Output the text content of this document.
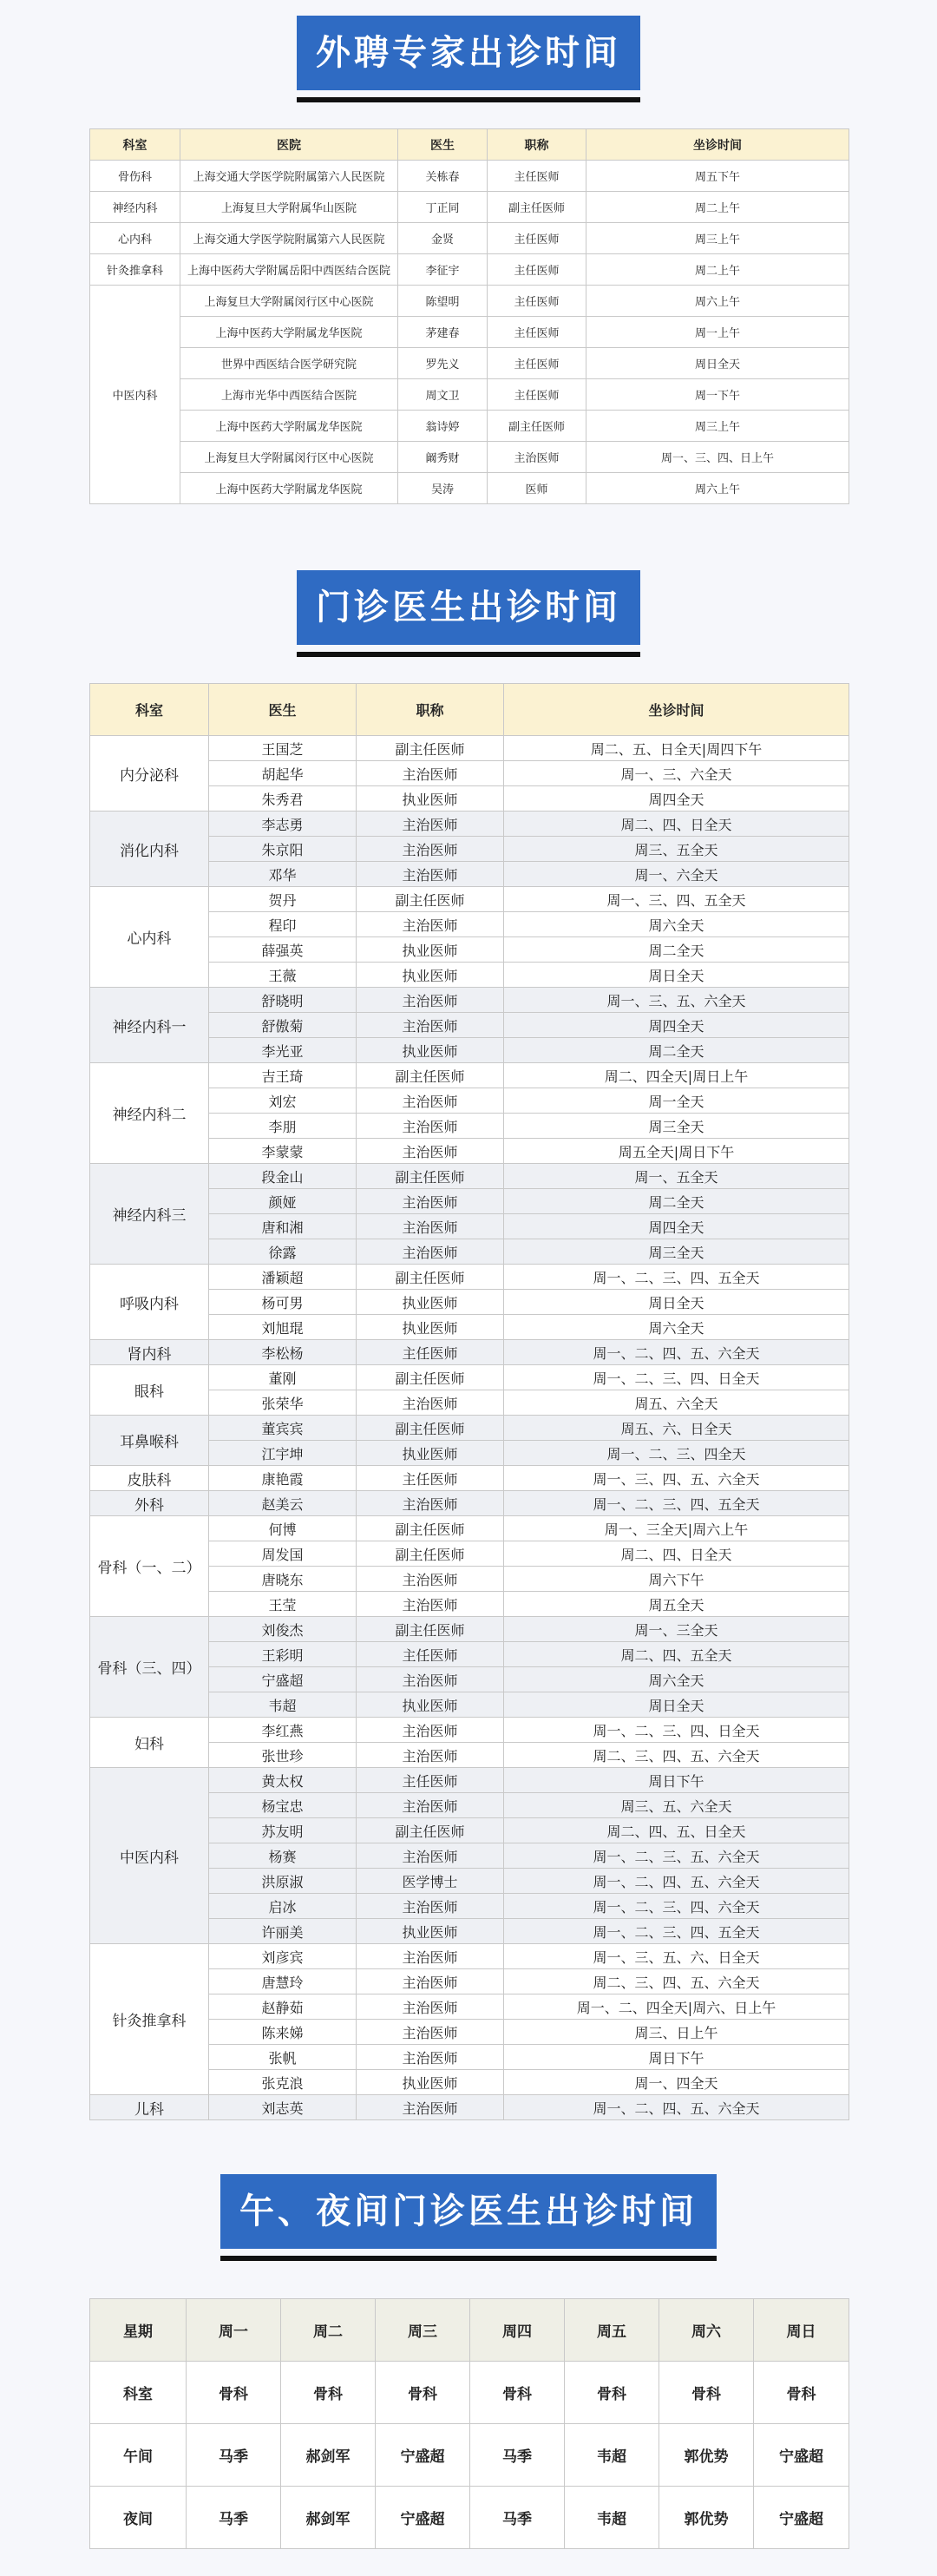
外聘专家出诊时间
科室	医院	医生	职称	坐诊时间
骨伤科	上海交通大学医学院附属第六人民医院	关栋春	主任医师	周五下午
神经内科	上海复旦大学附属华山医院	丁正同	副主任医师	周二上午
心内科	上海交通大学医学院附属第六人民医院	金贤	主任医师	周三上午
针灸推拿科	上海中医药大学附属岳阳中西医结合医院	李征宇	主任医师	周二上午
中医内科	上海复旦大学附属闵行区中心医院	陈望明	主任医师	周六上午
	上海中医药大学附属龙华医院	茅建春	主任医师	周一上午
	世界中西医结合医学研究院	罗先义	主任医师	周日全天
	上海市光华中西医结合医院	周文卫	主任医师	周一下午
	上海中医药大学附属龙华医院	翁诗婷	副主任医师	周三上午
	上海复旦大学附属闵行区中心医院	阚秀财	主治医师	周一、三、四、日上午
	上海中医药大学附属龙华医院	吴涛	医师	周六上午
门诊医生出诊时间
科室	医生	职称	坐诊时间
内分泌科	王国芝	副主任医师	周二、五、日全天|周四下午
	胡起华	主治医师	周一、三、六全天
	朱秀君	执业医师	周四全天
消化内科	李志勇	主治医师	周二、四、日全天
	朱京阳	主治医师	周三、五全天
	邓华	主治医师	周一、六全天
心内科	贺丹	副主任医师	周一、三、四、五全天
	程印	主治医师	周六全天
	薛强英	执业医师	周二全天
	王薇	执业医师	周日全天
神经内科一	舒晓明	主治医师	周一、三、五、六全天
	舒傲菊	主治医师	周四全天
	李光亚	执业医师	周二全天
神经内科二	吉王琦	副主任医师	周二、四全天|周日上午
	刘宏	主治医师	周一全天
	李朋	主治医师	周三全天
	李蒙蒙	主治医师	周五全天|周日下午
神经内科三	段金山	副主任医师	周一、五全天
	颜娅	主治医师	周二全天
	唐和湘	主治医师	周四全天
	徐露	主治医师	周三全天
呼吸内科	潘颖超	副主任医师	周一、二、三、四、五全天
	杨可男	执业医师	周日全天
	刘旭琨	执业医师	周六全天
肾内科	李松杨	主任医师	周一、二、四、五、六全天
眼科	董刚	副主任医师	周一、二、三、四、日全天
	张荣华	主治医师	周五、六全天
耳鼻喉科	董宾宾	副主任医师	周五、六、日全天
	江宇坤	执业医师	周一、二、三、四全天
皮肤科	康艳霞	主任医师	周一、三、四、五、六全天
外科	赵美云	主治医师	周一、二、三、四、五全天
骨科（一、二）	何博	副主任医师	周一、三全天|周六上午
	周发国	副主任医师	周二、四、日全天
	唐晓东	主治医师	周六下午
	王莹	主治医师	周五全天
骨科（三、四）	刘俊杰	副主任医师	周一、三全天
	王彩明	主任医师	周二、四、五全天
	宁盛超	主治医师	周六全天
	韦超	执业医师	周日全天
妇科	李红燕	主治医师	周一、二、三、四、日全天
	张世珍	主治医师	周二、三、四、五、六全天
中医内科	黄太权	主任医师	周日下午
	杨宝忠	主治医师	周三、五、六全天
	苏友明	副主任医师	周二、四、五、日全天
	杨赛	主治医师	周一、二、三、五、六全天
	洪原淑	医学博士	周一、二、四、五、六全天
	启冰	主治医师	周一、二、三、四、六全天
	许丽美	执业医师	周一、二、三、四、五全天
针灸推拿科	刘彦宾	主治医师	周一、三、五、六、日全天
	唐慧玲	主治医师	周二、三、四、五、六全天
	赵静茹	主治医师	周一、二、四全天|周六、日上午
	陈来娣	主治医师	周三、日上午
	张帆	主治医师	周日下午
	张克浪	执业医师	周一、四全天
儿科	刘志英	主治医师	周一、二、四、五、六全天
午、夜间门诊医生出诊时间
星期	周一	周二	周三	周四	周五	周六	周日
科室	骨科	骨科	骨科	骨科	骨科	骨科	骨科
午间	马季	郝剑军	宁盛超	马季	韦超	郭优势	宁盛超
夜间	马季	郝剑军	宁盛超	马季	韦超	郭优势	宁盛超
